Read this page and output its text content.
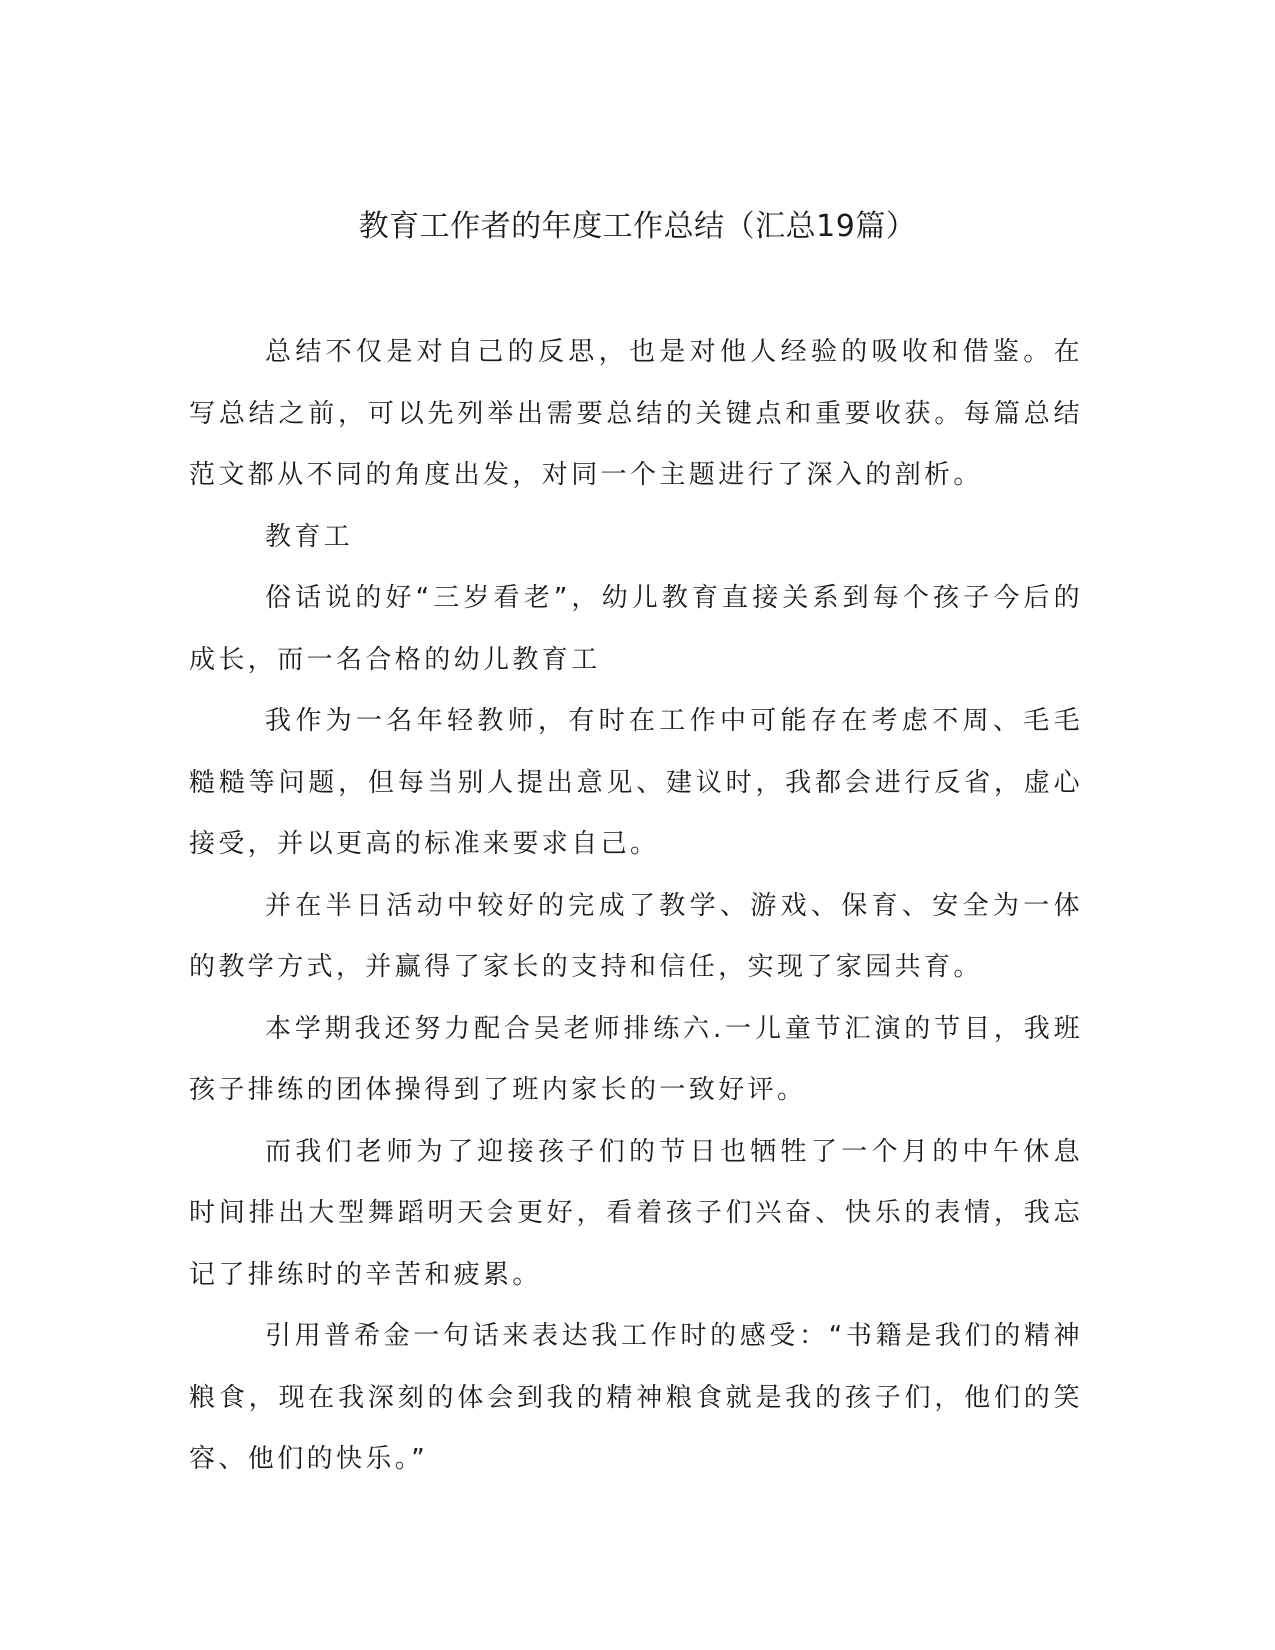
教育工作者的年度工作总结（汇总19篇）

总结不仅是对自己的反思，也是对他人经验的吸收和借鉴。在写总结之前，可以先列举出需要总结的关键点和重要收获。每篇总结范文都从不同的角度出发，对同一个主题进行了深入的剖析。

教育工

俗话说的好“三岁看老”，幼儿教育直接关系到每个孩子今后的成长，而一名合格的幼儿教育工

我作为一名年轻教师，有时在工作中可能存在考虑不周、毛毛糙糙等问题，但每当别人提出意见、建议时，我都会进行反省，虚心接受，并以更高的标准来要求自己。

并在半日活动中较好的完成了教学、游戏、保育、安全为一体的教学方式，并赢得了家长的支持和信任，实现了家园共育。

本学期我还努力配合吴老师排练六.一儿童节汇演的节目，我班孩子排练的团体操得到了班内家长的一致好评。

而我们老师为了迎接孩子们的节日也牺牲了一个月的中午休息时间排出大型舞蹈明天会更好，看着孩子们兴奋、快乐的表情，我忘记了排练时的辛苦和疲累。

引用普希金一句话来表达我工作时的感受：“书籍是我们的精神粮食，现在我深刻的体会到我的精神粮食就是我的孩子们，他们的笑容、他们的快乐。”
